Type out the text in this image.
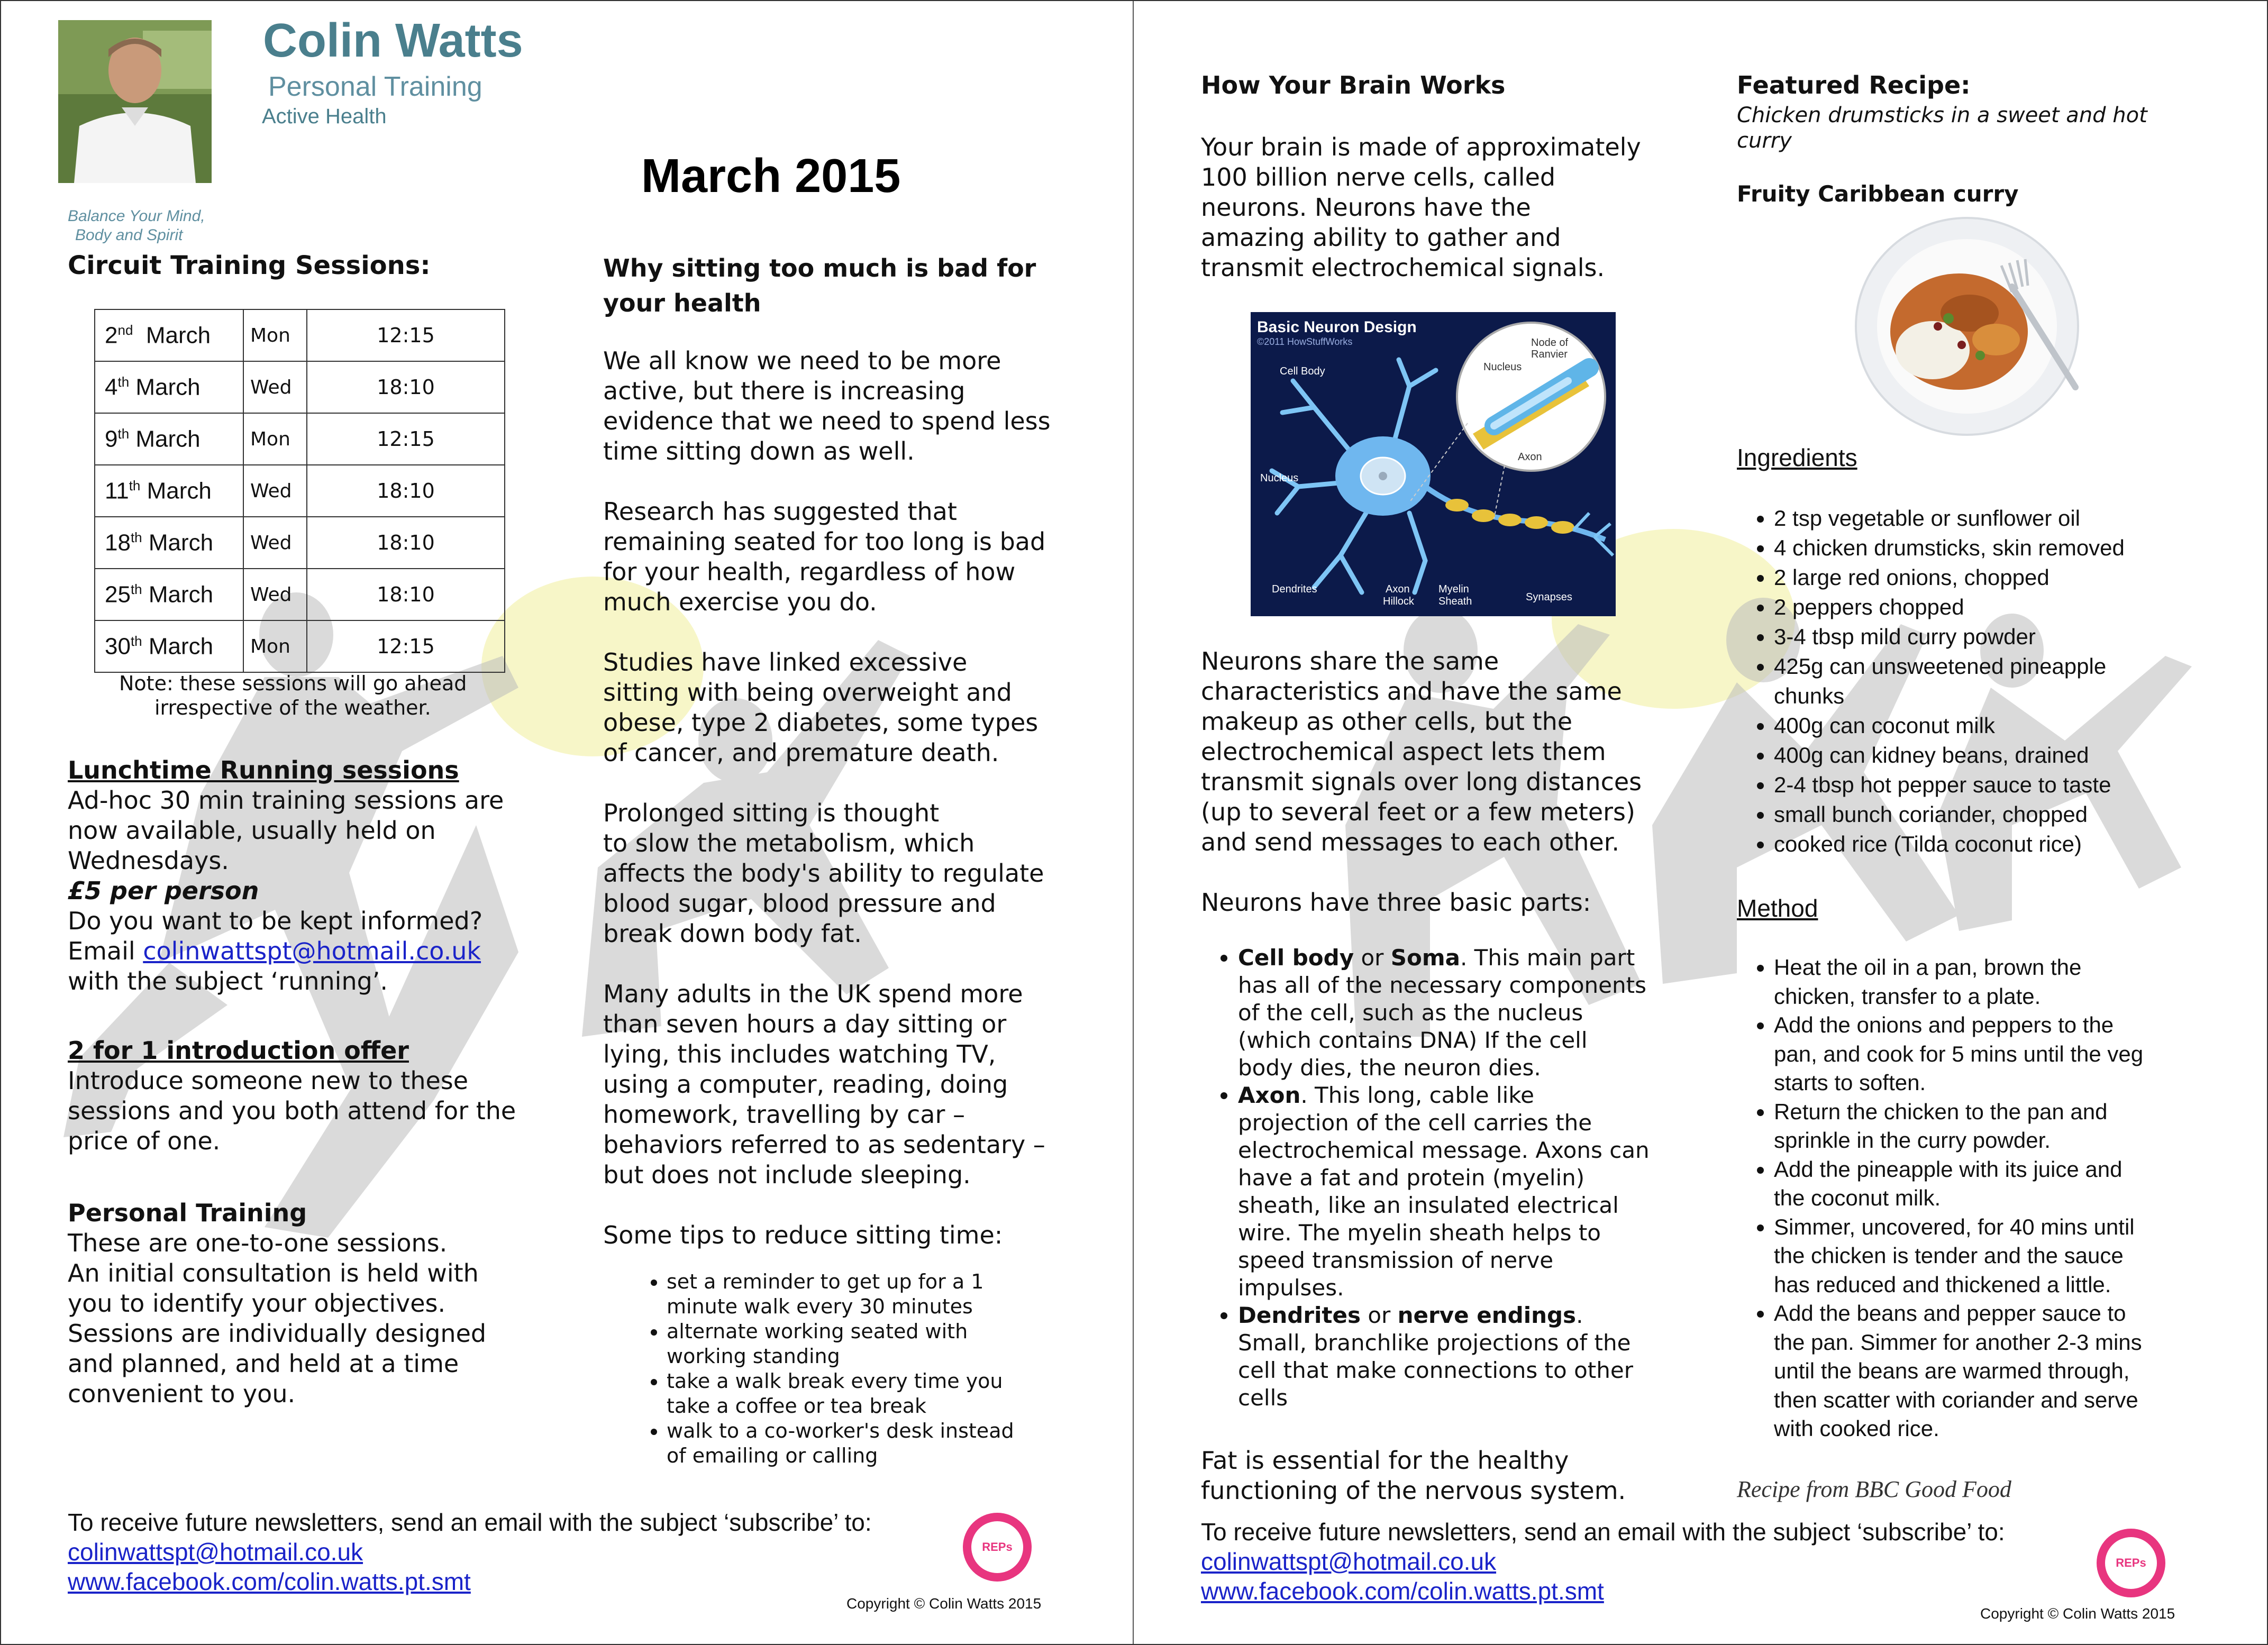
Colin Watts
Personal Training
Active Health
Balance Your Mind,
Body and Spirit
March 2015
Circuit Training Sessions:
2nd March	Mon	12:15
4th March	Wed	18:10
9th March	Mon	12:15
11th March	Wed	18:10
18th March	Wed	18:10
25th March	Wed	18:10
30th March	Mon	12:15
Note: these sessions will go ahead
irrespective of the weather.
Lunchtime Running sessions
Ad-hoc 30 min training sessions are
now available, usually held on
Wednesdays.
£5 per person
Do you want to be kept informed?
Email colinwattspt@hotmail.co.uk
with the subject ‘running’.
2 for 1 introduction offer
Introduce someone new to these
sessions and you both attend for the
price of one.
Personal Training
These are one-to-one sessions.
An initial consultation is held with
you to identify your objectives.
Sessions are individually designed
and planned, and held at a time
convenient to you.
Why sitting too much is bad for
your health
We all know we need to be more
active, but there is increasing
evidence that we need to spend less
time sitting down as well.
Research has suggested that
remaining seated for too long is bad
for your health, regardless of how
much exercise you do.
Studies have linked excessive
sitting with being overweight and
obese, type 2 diabetes, some types
of cancer, and premature death.
Prolonged sitting is thought
to slow the metabolism, which
affects the body's ability to regulate
blood sugar, blood pressure and
break down body fat.
Many adults in the UK spend more
than seven hours a day sitting or
lying, this includes watching TV,
using a computer, reading, doing
homework, travelling by car –
behaviors referred to as sedentary –
but does not include sleeping.
Some tips to reduce sitting time:
• set a reminder to get up for a 1
minute walk every 30 minutes
• alternate working seated with
working standing
• take a walk break every time you
take a coffee or tea break
• walk to a co-worker's desk instead
of emailing or calling
To receive future newsletters, send an email with the subject ‘subscribe’ to:
colinwattspt@hotmail.co.uk
www.facebook.com/colin.watts.pt.smt
REPs
Copyright © Colin Watts 2015
How Your Brain Works
Your brain is made of approximately
100 billion nerve cells, called
neurons. Neurons have the
amazing ability to gather and
transmit electrochemical signals.
Basic Neuron Design
©2011 HowStuffWorks
Cell Body
Nucleus
Dendrites	Axon
Hillock
Myelin
Sheath	Synapses
Nucleus
Node of
Ranvier
Axon
Neurons share the same
characteristics and have the same
makeup as other cells, but the
electrochemical aspect lets them
transmit signals over long distances
(up to several feet or a few meters)
and send messages to each other.
Neurons have three basic parts:
• Cell body or Soma. This main part
has all of the necessary components
of the cell, such as the nucleus
(which contains DNA) If the cell
body dies, the neuron dies.
• Axon. This long, cable like
projection of the cell carries the
electrochemical message. Axons can
have a fat and protein (myelin)
sheath, like an insulated electrical
wire. The myelin sheath helps to
speed transmission of nerve
impulses.
• Dendrites or nerve endings.
Small, branchlike projections of the
cell that make connections to other
cells
Fat is essential for the healthy
functioning of the nervous system.
Featured Recipe:
Chicken drumsticks in a sweet and hot
curry
Fruity Caribbean curry
Ingredients
• 2 tsp vegetable or sunflower oil
• 4 chicken drumsticks, skin removed
• 2 large red onions, chopped
• 2 peppers chopped
• 3-4 tbsp mild curry powder
• 425g can unsweetened pineapple
chunks
• 400g can coconut milk
• 400g can kidney beans, drained
• 2-4 tbsp hot pepper sauce to taste
• small bunch coriander, chopped
• cooked rice (Tilda coconut rice)
Method
• Heat the oil in a pan, brown the
chicken, transfer to a plate.
• Add the onions and peppers to the
pan, and cook for 5 mins until the veg
starts to soften.
• Return the chicken to the pan and
sprinkle in the curry powder.
• Add the pineapple with its juice and
the coconut milk.
• Simmer, uncovered, for 40 mins until
the chicken is tender and the sauce
has reduced and thickened a little.
• Add the beans and pepper sauce to
the pan. Simmer for another 2-3 mins
until the beans are warmed through,
then scatter with coriander and serve
with cooked rice.
Recipe from BBC Good Food
To receive future newsletters, send an email with the subject ‘subscribe’ to:
colinwattspt@hotmail.co.uk
www.facebook.com/colin.watts.pt.smt
REPs
Copyright © Colin Watts 2015
